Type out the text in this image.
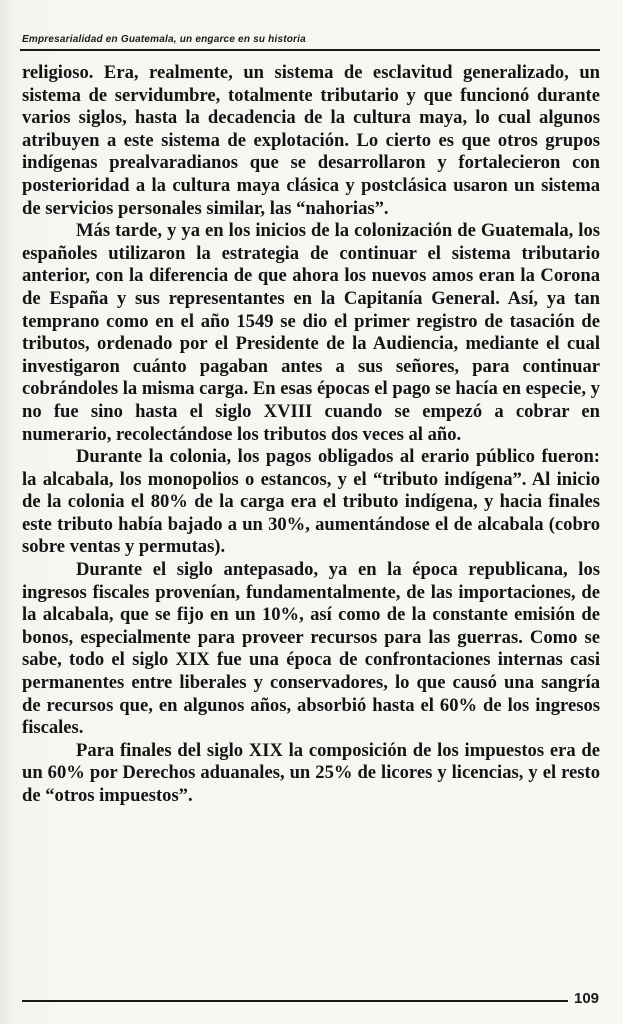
Empresarialidad en Guatemala, un engarce en su historia

religioso. Era, realmente, un sistema de esclavitud generalizado, un sistema de servidumbre, totalmente tributario y que funcionó durante varios siglos, hasta la decadencia de la cultura maya, lo cual algunos atribuyen a este sistema de explotación. Lo cierto es que otros grupos indígenas prealvaradianos que se desarrollaron y fortalecieron con posterioridad a la cultura maya clásica y postclásica usaron un sistema de servicios personales similar, las “nahorias”.

Más tarde, y ya en los inicios de la colonización de Guatemala, los españoles utilizaron la estrategia de continuar el sistema tributario anterior, con la diferencia de que ahora los nuevos amos eran la Corona de España y sus representantes en la Capitanía General. Así, ya tan temprano como en el año 1549 se dio el primer registro de tasación de tributos, ordenado por el Presidente de la Audiencia, mediante el cual investigaron cuánto pagaban antes a sus señores, para continuar cobrándoles la misma carga. En esas épocas el pago se hacía en especie, y no fue sino hasta el siglo XVIII cuando se empezó a cobrar en numerario, recolectándose los tributos dos veces al año.

Durante la colonia, los pagos obligados al erario público fueron: la alcabala, los monopolios o estancos, y el “tributo indígena”. Al inicio de la colonia el 80% de la carga era el tributo indígena, y hacia finales este tributo había bajado a un 30%, aumentándose el de alcabala (cobro sobre ventas y permutas).

Durante el siglo antepasado, ya en la época republicana, los ingresos fiscales provenían, fundamentalmente, de las importaciones, de la alcabala, que se fijo en un 10%, así como de la constante emisión de bonos, especialmente para proveer recursos para las guerras. Como se sabe, todo el siglo XIX fue una época de confrontaciones internas casi permanentes entre liberales y conservadores, lo que causó una sangría de recursos que, en algunos años, absorbió hasta el 60% de los ingresos fiscales.

Para finales del siglo XIX la composición de los impuestos era de un 60% por Derechos aduanales, un 25% de licores y licencias, y el resto de “otros impuestos”.

109
